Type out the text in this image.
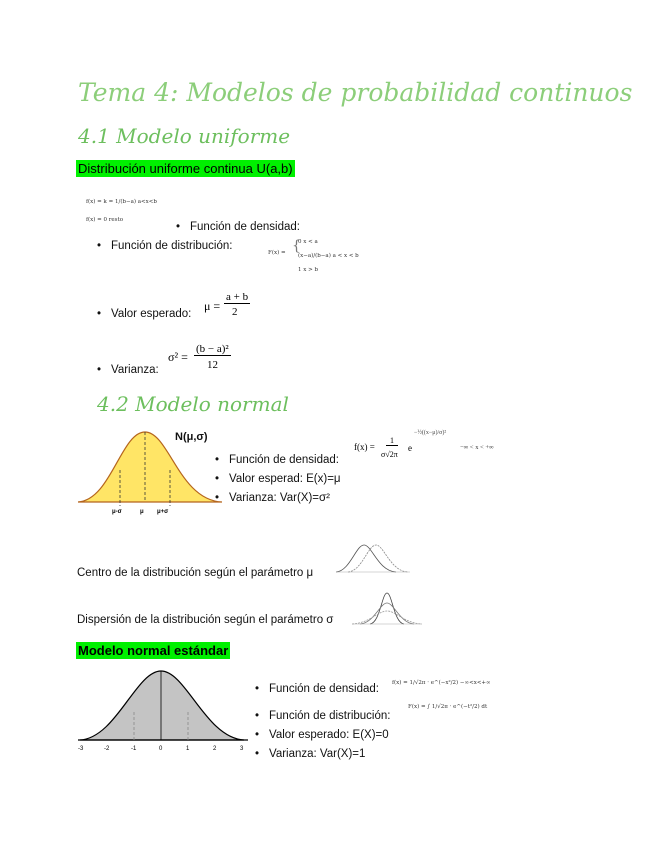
Tema 4: Modelos de probabilidad continuos
4.1 Modelo uniforme
Distribución uniforme continua U(a,b)
f(x) = k = 1/(b−a) a<x<b
f(x) = 0 resto
• Función de densidad:
• Función de distribución:
F(x) = {
0 x < a
(x−a)/(b−a) a < x < b
1 x > b
• Valor esperado:
μ =
a + b
2
• Varianza:
σ² =
(b − a)²
12
4.2 Modelo normal
μ-σ	μ μ+σ
N(μ,σ)
• Función de densidad:
• Valor esperad: E(x)=μ
• Varianza: Var(X)=σ²
f(x) =
1
σ√2π
e
−½((x−μ)/σ)²
−∞ < x < +∞
Centro de la distribución según el parámetro μ
Dispersión de la distribución según el parámetro σ
Modelo normal estándar
-3	-2	-1	0	1	2	3
• Función de densidad: f(x) = 1/√2π · e^(−x²/2) −∞<x<+∞
• Función de distribución:
F(x) = ∫ 1/√2π · e^(−t²/2) dt
• Valor esperado: E(X)=0
• Varianza: Var(X)=1
